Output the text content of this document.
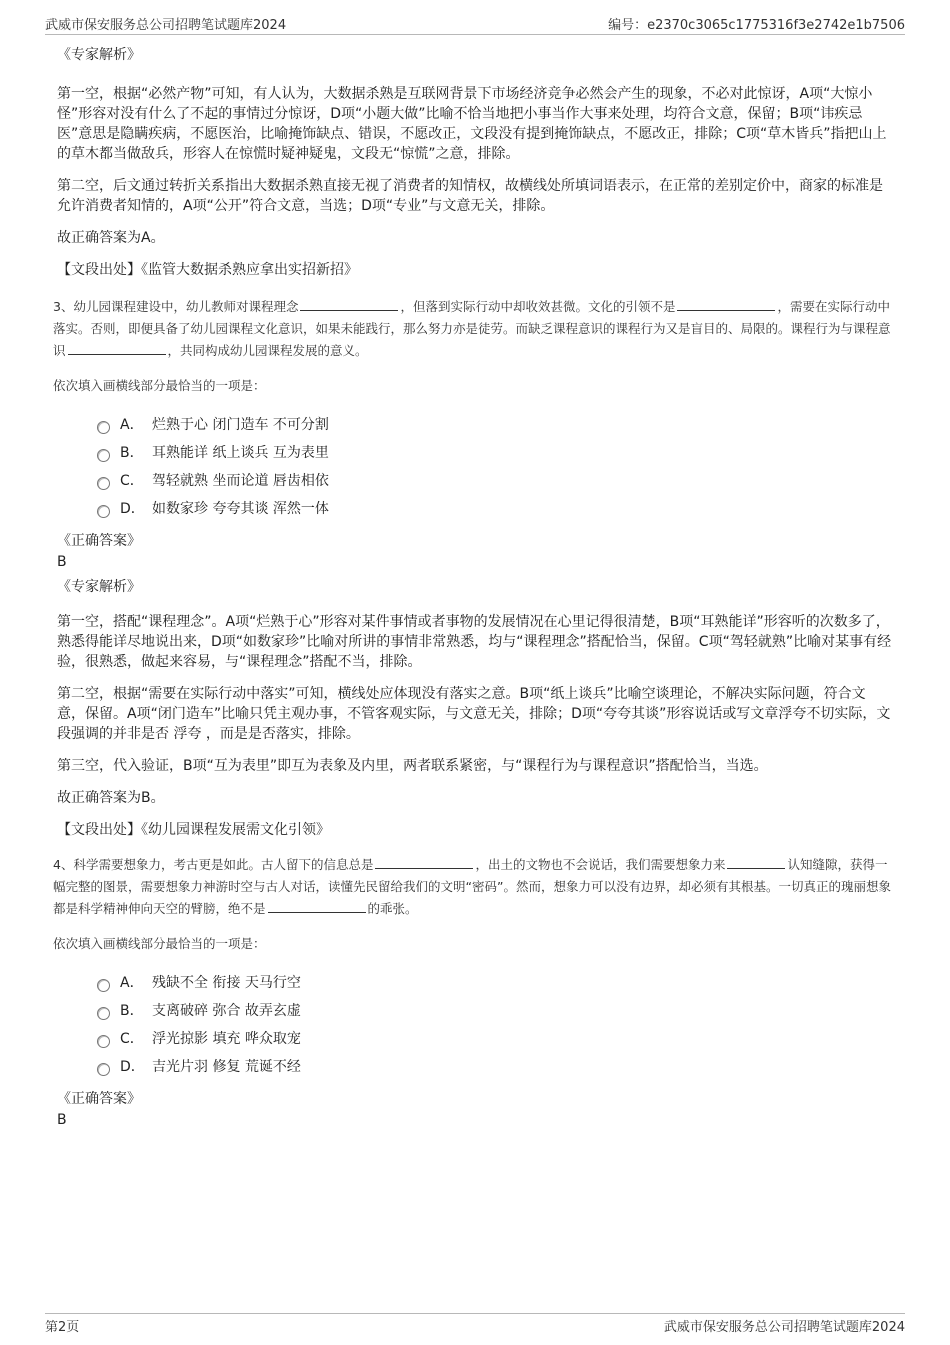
武威市保安服务总公司招聘笔试题库2024	编号：e2370c3065c1775316f3e2742e1b7506
《专家解析》

第一空，根据“必然产物”可知，有人认为，大数据杀熟是互联网背景下市场经济竞争必然会产生的现象，不必对此惊讶，A项“大惊小怪”形容对没有什么了不起的事情过分惊讶，D项“小题大做”比喻不恰当地把小事当作大事来处理，均符合文意，保留；B项“讳疾忌医”意思是隐瞒疾病，不愿医治，比喻掩饰缺点、错误，不愿改正，文段没有提到掩饰缺点，不愿改正，排除；C项“草木皆兵”指把山上的草木都当做敌兵，形容人在惊慌时疑神疑鬼，文段无“惊慌”之意，排除。

第二空，后文通过转折关系指出大数据杀熟直接无视了消费者的知情权，故横线处所填词语表示，在正常的差别定价中，商家的标准是允许消费者知情的，A项“公开”符合文意，当选；D项“专业”与文意无关，排除。

故正确答案为A。

【文段出处】《监管大数据杀熟应拿出实招新招》

3、幼儿园课程建设中，幼儿教师对课程理念	，但落到实际行动中却收效甚微。文化的引领不是	，需要在实际行动中落实。否则，即便具备了幼儿园课程文化意识，如果未能践行，那么努力亦是徒劳。而缺乏课程意识的课程行为又是盲目的、局限的。课程行为与课程意识	，共同构成幼儿园课程发展的意义。
依次填入画横线部分最恰当的一项是：
A． 烂熟于心 闭门造车 不可分割
B． 耳熟能详 纸上谈兵 互为表里
C． 驾轻就熟 坐而论道 唇齿相依
D． 如数家珍 夸夸其谈 浑然一体
《正确答案》
B
《专家解析》

第一空，搭配“课程理念”。A项“烂熟于心”形容对某件事情或者事物的发展情况在心里记得很清楚，B项“耳熟能详”形容听的次数多了，熟悉得能详尽地说出来，D项“如数家珍”比喻对所讲的事情非常熟悉，均与“课程理念”搭配恰当，保留。C项“驾轻就熟”比喻对某事有经验，很熟悉，做起来容易，与“课程理念”搭配不当，排除。

第二空，根据“需要在实际行动中落实”可知，横线处应体现没有落实之意。B项“纸上谈兵”比喻空谈理论，不解决实际问题，符合文意，保留。A项“闭门造车”比喻只凭主观办事，不管客观实际，与文意无关，排除；D项“夸夸其谈”形容说话或写文章浮夸不切实际，文段强调的并非是否 浮夸 ，而是是否落实，排除。

第三空，代入验证，B项“互为表里”即互为表象及内里，两者联系紧密，与“课程行为与课程意识”搭配恰当，当选。

故正确答案为B。

【文段出处】《幼儿园课程发展需文化引领》

4、科学需要想象力，考古更是如此。古人留下的信息总是	，出土的文物也不会说话，我们需要想象力来	认知缝隙，获得一幅完整的图景，需要想象力神游时空与古人对话，读懂先民留给我们的文明“密码”。然而，想象力可以没有边界，却必须有其根基。一切真正的瑰丽想象都是科学精神伸向天空的臂膀，绝不是	的乖张。
依次填入画横线部分最恰当的一项是：
A． 残缺不全 衔接 天马行空
B． 支离破碎 弥合 故弄玄虚
C． 浮光掠影 填充 哗众取宠
D． 吉光片羽 修复 荒诞不经
《正确答案》
B
第2页	武威市保安服务总公司招聘笔试题库2024
